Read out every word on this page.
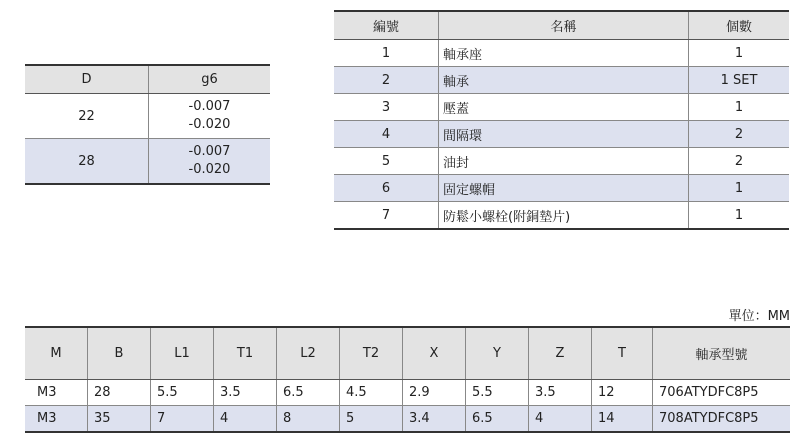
D	g6
22	-0.007
-0.020

28	-0.007
-0.020
編號	名稱	個數
1	軸承座	1
2	軸承	1 SET
3	壓蓋	1
4	間隔環	2
5	油封	2
6	固定螺帽	1
7	防鬆小螺栓(附銅墊片)	1
單位：MM
M	B	L1	T1	L2	T2	X	Y	Z	T	軸承型號
M3	28	5.5	3.5	6.5	4.5	2.9	5.5	3.5	12	706ATYDFC8P5
M3	35	7	4	8	5	3.4	6.5	4	14	708ATYDFC8P5
